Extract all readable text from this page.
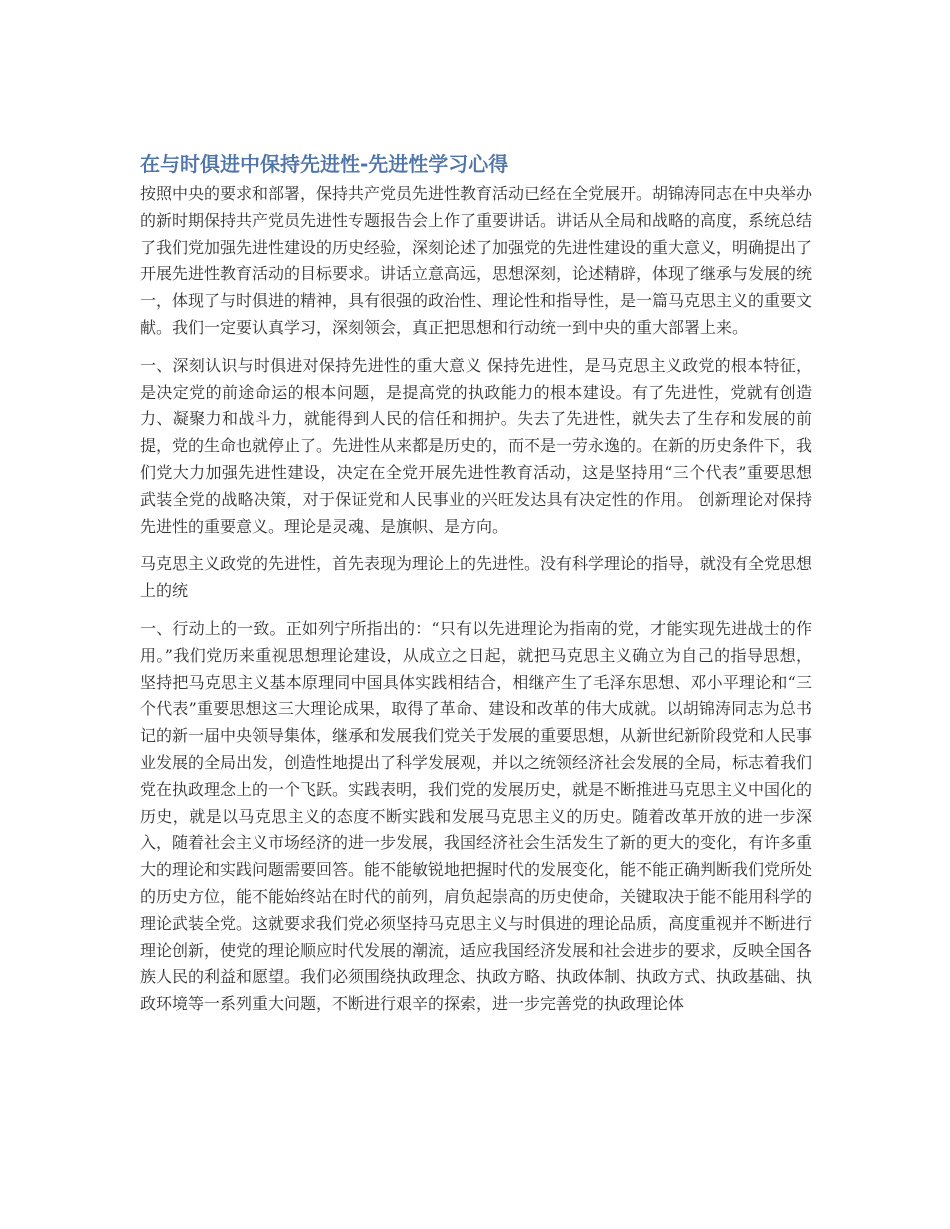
在与时俱进中保持先进性-先进性学习心得

按照中央的要求和部署，保持共产党员先进性教育活动已经在全党展开。胡锦涛同志在中央举办的新时期保持共产党员先进性专题报告会上作了重要讲话。讲话从全局和战略的高度，系统总结了我们党加强先进性建设的历史经验，深刻论述了加强党的先进性建设的重大意义，明确提出了开展先进性教育活动的目标要求。讲话立意高远，思想深刻，论述精辟，体现了继承与发展的统一，体现了与时俱进的精神，具有很强的政治性、理论性和指导性，是一篇马克思主义的重要文献。我们一定要认真学习，深刻领会，真正把思想和行动统一到中央的重大部署上来。

一、深刻认识与时俱进对保持先进性的重大意义 保持先进性，是马克思主义政党的根本特征，是决定党的前途命运的根本问题，是提高党的执政能力的根本建设。有了先进性，党就有创造力、凝聚力和战斗力，就能得到人民的信任和拥护。失去了先进性，就失去了生存和发展的前提，党的生命也就停止了。先进性从来都是历史的，而不是一劳永逸的。在新的历史条件下，我们党大力加强先进性建设，决定在全党开展先进性教育活动，这是坚持用“三个代表”重要思想武装全党的战略决策，对于保证党和人民事业的兴旺发达具有决定性的作用。 创新理论对保持先进性的重要意义。理论是灵魂、是旗帜、是方向。

马克思主义政党的先进性，首先表现为理论上的先进性。没有科学理论的指导，就没有全党思想上的统

一、行动上的一致。正如列宁所指出的：“只有以先进理论为指南的党，才能实现先进战士的作用。”我们党历来重视思想理论建设，从成立之日起，就把马克思主义确立为自己的指导思想，坚持把马克思主义基本原理同中国具体实践相结合，相继产生了毛泽东思想、邓小平理论和“三个代表”重要思想这三大理论成果，取得了革命、建设和改革的伟大成就。以胡锦涛同志为总书记的新一届中央领导集体，继承和发展我们党关于发展的重要思想，从新世纪新阶段党和人民事业发展的全局出发，创造性地提出了科学发展观，并以之统领经济社会发展的全局，标志着我们党在执政理念上的一个飞跃。实践表明，我们党的发展历史，就是不断推进马克思主义中国化的历史，就是以马克思主义的态度不断实践和发展马克思主义的历史。随着改革开放的进一步深入，随着社会主义市场经济的进一步发展，我国经济社会生活发生了新的更大的变化，有许多重大的理论和实践问题需要回答。能不能敏锐地把握时代的发展变化，能不能正确判断我们党所处的历史方位，能不能始终站在时代的前列，肩负起崇高的历史使命，关键取决于能不能用科学的理论武装全党。这就要求我们党必须坚持马克思主义与时俱进的理论品质，高度重视并不断进行理论创新，使党的理论顺应时代发展的潮流，适应我国经济发展和社会进步的要求，反映全国各族人民的利益和愿望。我们必须围绕执政理念、执政方略、执政体制、执政方式、执政基础、执政环境等一系列重大问题，不断进行艰辛的探索，进一步完善党的执政理论体
